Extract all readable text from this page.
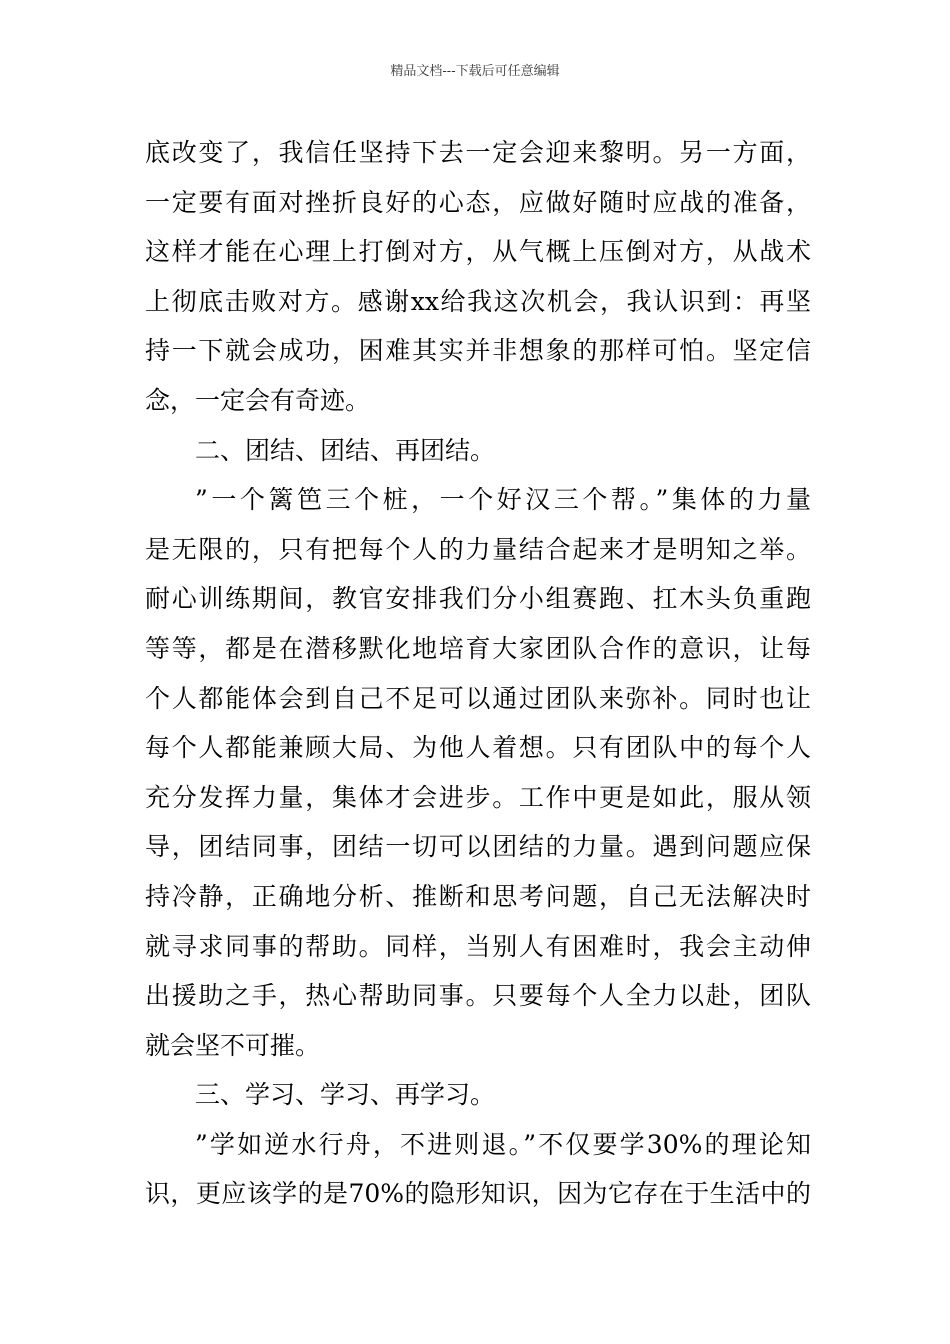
精品文档---下载后可任意编辑
底改变了，我信任坚持下去一定会迎来黎明。另一方面，
一定要有面对挫折良好的心态，应做好随时应战的准备，
这样才能在心理上打倒对方，从气概上压倒对方，从战术
上彻底击败对方。感谢xx给我这次机会，我认识到：再坚
持一下就会成功，困难其实并非想象的那样可怕。坚定信
念，一定会有奇迹。
二、团结、团结、再团结。
”一个篱笆三个桩，一个好汉三个帮。”集体的力量
是无限的，只有把每个人的力量结合起来才是明知之举。
耐心训练期间，教官安排我们分小组赛跑、扛木头负重跑
等等，都是在潜移默化地培育大家团队合作的意识，让每
个人都能体会到自己不足可以通过团队来弥补。同时也让
每个人都能兼顾大局、为他人着想。只有团队中的每个人
充分发挥力量，集体才会进步。工作中更是如此，服从领
导，团结同事，团结一切可以团结的力量。遇到问题应保
持冷静，正确地分析、推断和思考问题，自己无法解决时
就寻求同事的帮助。同样，当别人有困难时，我会主动伸
出援助之手，热心帮助同事。只要每个人全力以赴，团队
就会坚不可摧。
三、学习、学习、再学习。
”学如逆水行舟，不进则退。”不仅要学30%的理论知
识，更应该学的是70%的隐形知识，因为它存在于生活中的
